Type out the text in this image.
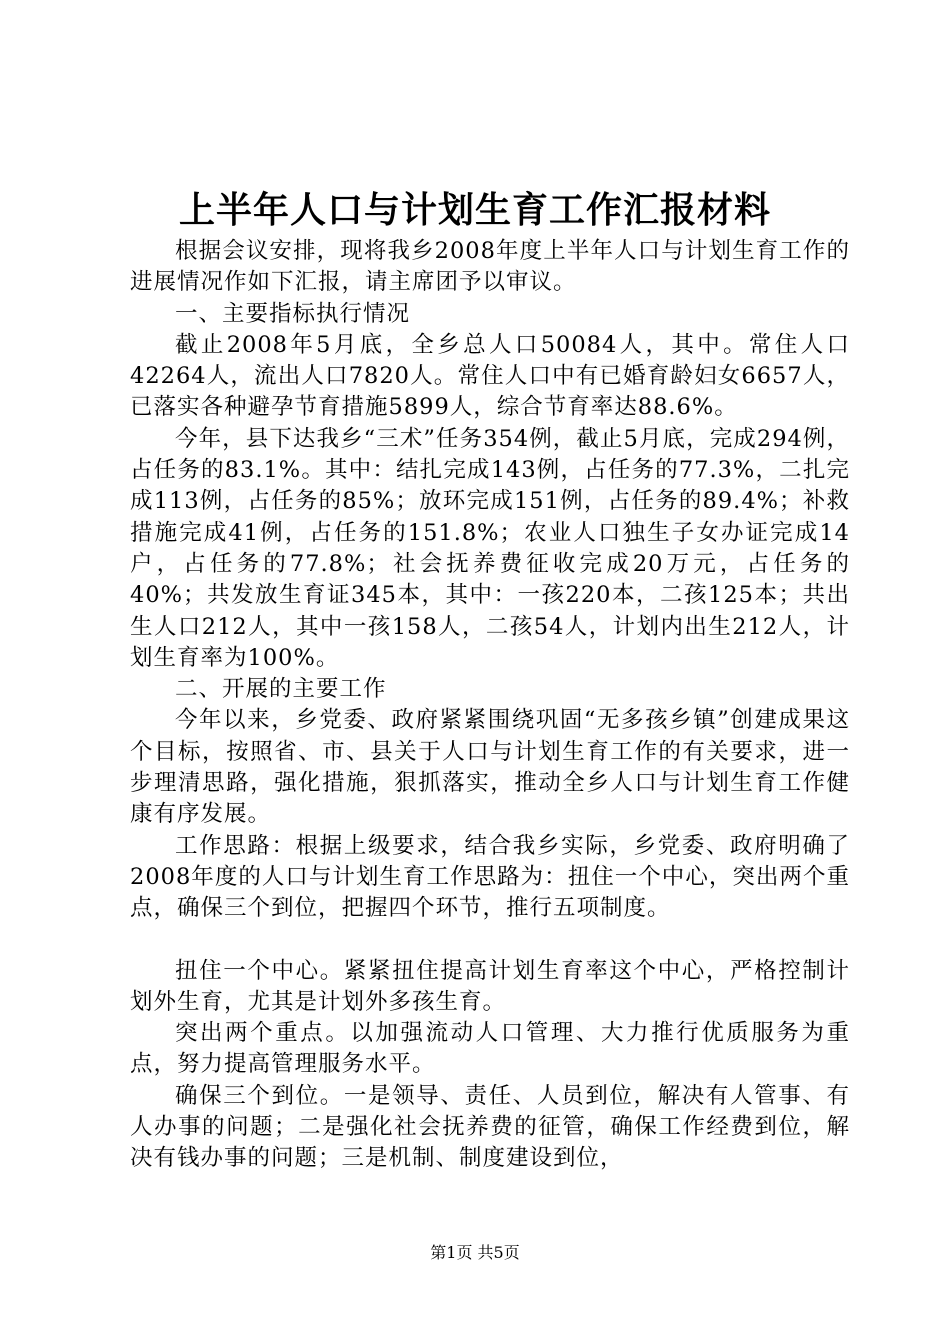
上半年人口与计划生育工作汇报材料

根据会议安排，现将我乡2008年度上半年人口与计划生育工作的进展情况作如下汇报，请主席团予以审议。

一、主要指标执行情况

截止2008年5月底，全乡总人口50084人，其中。常住人口42264人，流出人口7820人。常住人口中有已婚育龄妇女6657人，已落实各种避孕节育措施5899人，综合节育率达88.6%。

今年，县下达我乡“三术”任务354例，截止5月底，完成294例，占任务的83.1%。其中：结扎完成143例，占任务的77.3%，二扎完成113例，占任务的85%；放环完成151例，占任务的89.4%；补救措施完成41例，占任务的151.8%；农业人口独生子女办证完成14户，占任务的77.8%；社会抚养费征收完成20万元，占任务的40%；共发放生育证345本，其中：一孩220本，二孩125本；共出生人口212人，其中一孩158人，二孩54人，计划内出生212人，计划生育率为100%。

二、开展的主要工作

今年以来，乡党委、政府紧紧围绕巩固“无多孩乡镇”创建成果这个目标，按照省、市、县关于人口与计划生育工作的有关要求，进一步理清思路，强化措施，狠抓落实，推动全乡人口与计划生育工作健康有序发展。

工作思路：根据上级要求，结合我乡实际，乡党委、政府明确了2008年度的人口与计划生育工作思路为：扭住一个中心，突出两个重点，确保三个到位，把握四个环节，推行五项制度。

扭住一个中心。紧紧扭住提高计划生育率这个中心，严格控制计划外生育，尤其是计划外多孩生育。

突出两个重点。以加强流动人口管理、大力推行优质服务为重点，努力提高管理服务水平。

确保三个到位。一是领导、责任、人员到位，解决有人管事、有人办事的问题；二是强化社会抚养费的征管，确保工作经费到位，解决有钱办事的问题；三是机制、制度建设到位，

第1页 共5页
